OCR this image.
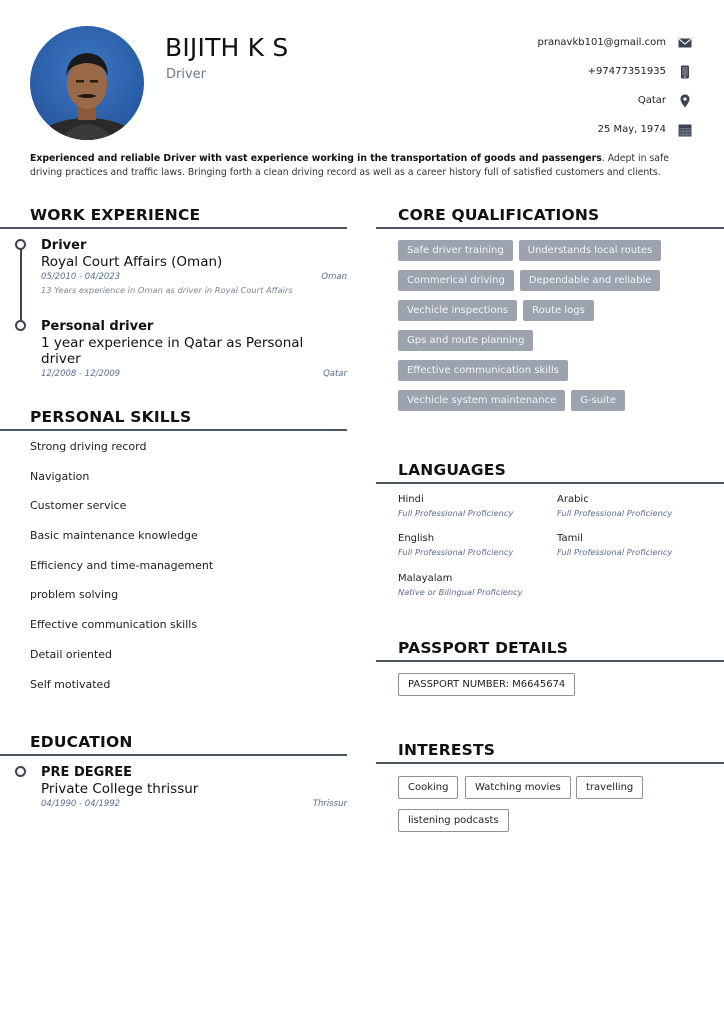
BIJITH K S
Driver
pranavkb101@gmail.com
+97477351935
Qatar
25 May, 1974
Experienced and reliable Driver with vast experience working in the transportation of goods and passengers. Adept in safe driving practices and traffic laws. Bringing forth a clean driving record as well as a career history full of satisfied customers and clients.
WORK EXPERIENCE
Driver
Royal Court Affairs (Oman)
05/2010 - 04/2023	Oman
13 Years experience in Oman as driver in Royal Court Affairs
Personal driver
1 year experience in Qatar as Personal driver
12/2008 - 12/2009	Qatar
PERSONAL SKILLS
Strong driving record
Navigation
Customer service
Basic maintenance knowledge
Efficiency and time-management
problem solving
Effective communication skills
Detail oriented
Self motivated
EDUCATION
PRE DEGREE
Private College thrissur
04/1990 - 04/1992	Thrissur
CORE QUALIFICATIONS
Safe driver training	Understands local routes
Commerical driving	Dependable and reliable
Vechicle inspections	Route logs
Gps and route planning
Effective communication skills
Vechicle system maintenance	G-suite
LANGUAGES
Hindi
Full Professional Proficiency
Arabic
Full Professional Proficiency
English
Full Professional Proficiency
Tamil
Full Professional Proficiency
Malayalam
Native or Bilingual Proficiency
PASSPORT DETAILS
PASSPORT NUMBER: M6645674
INTERESTS
Cooking	Watching movies	travelling
listening podcasts
